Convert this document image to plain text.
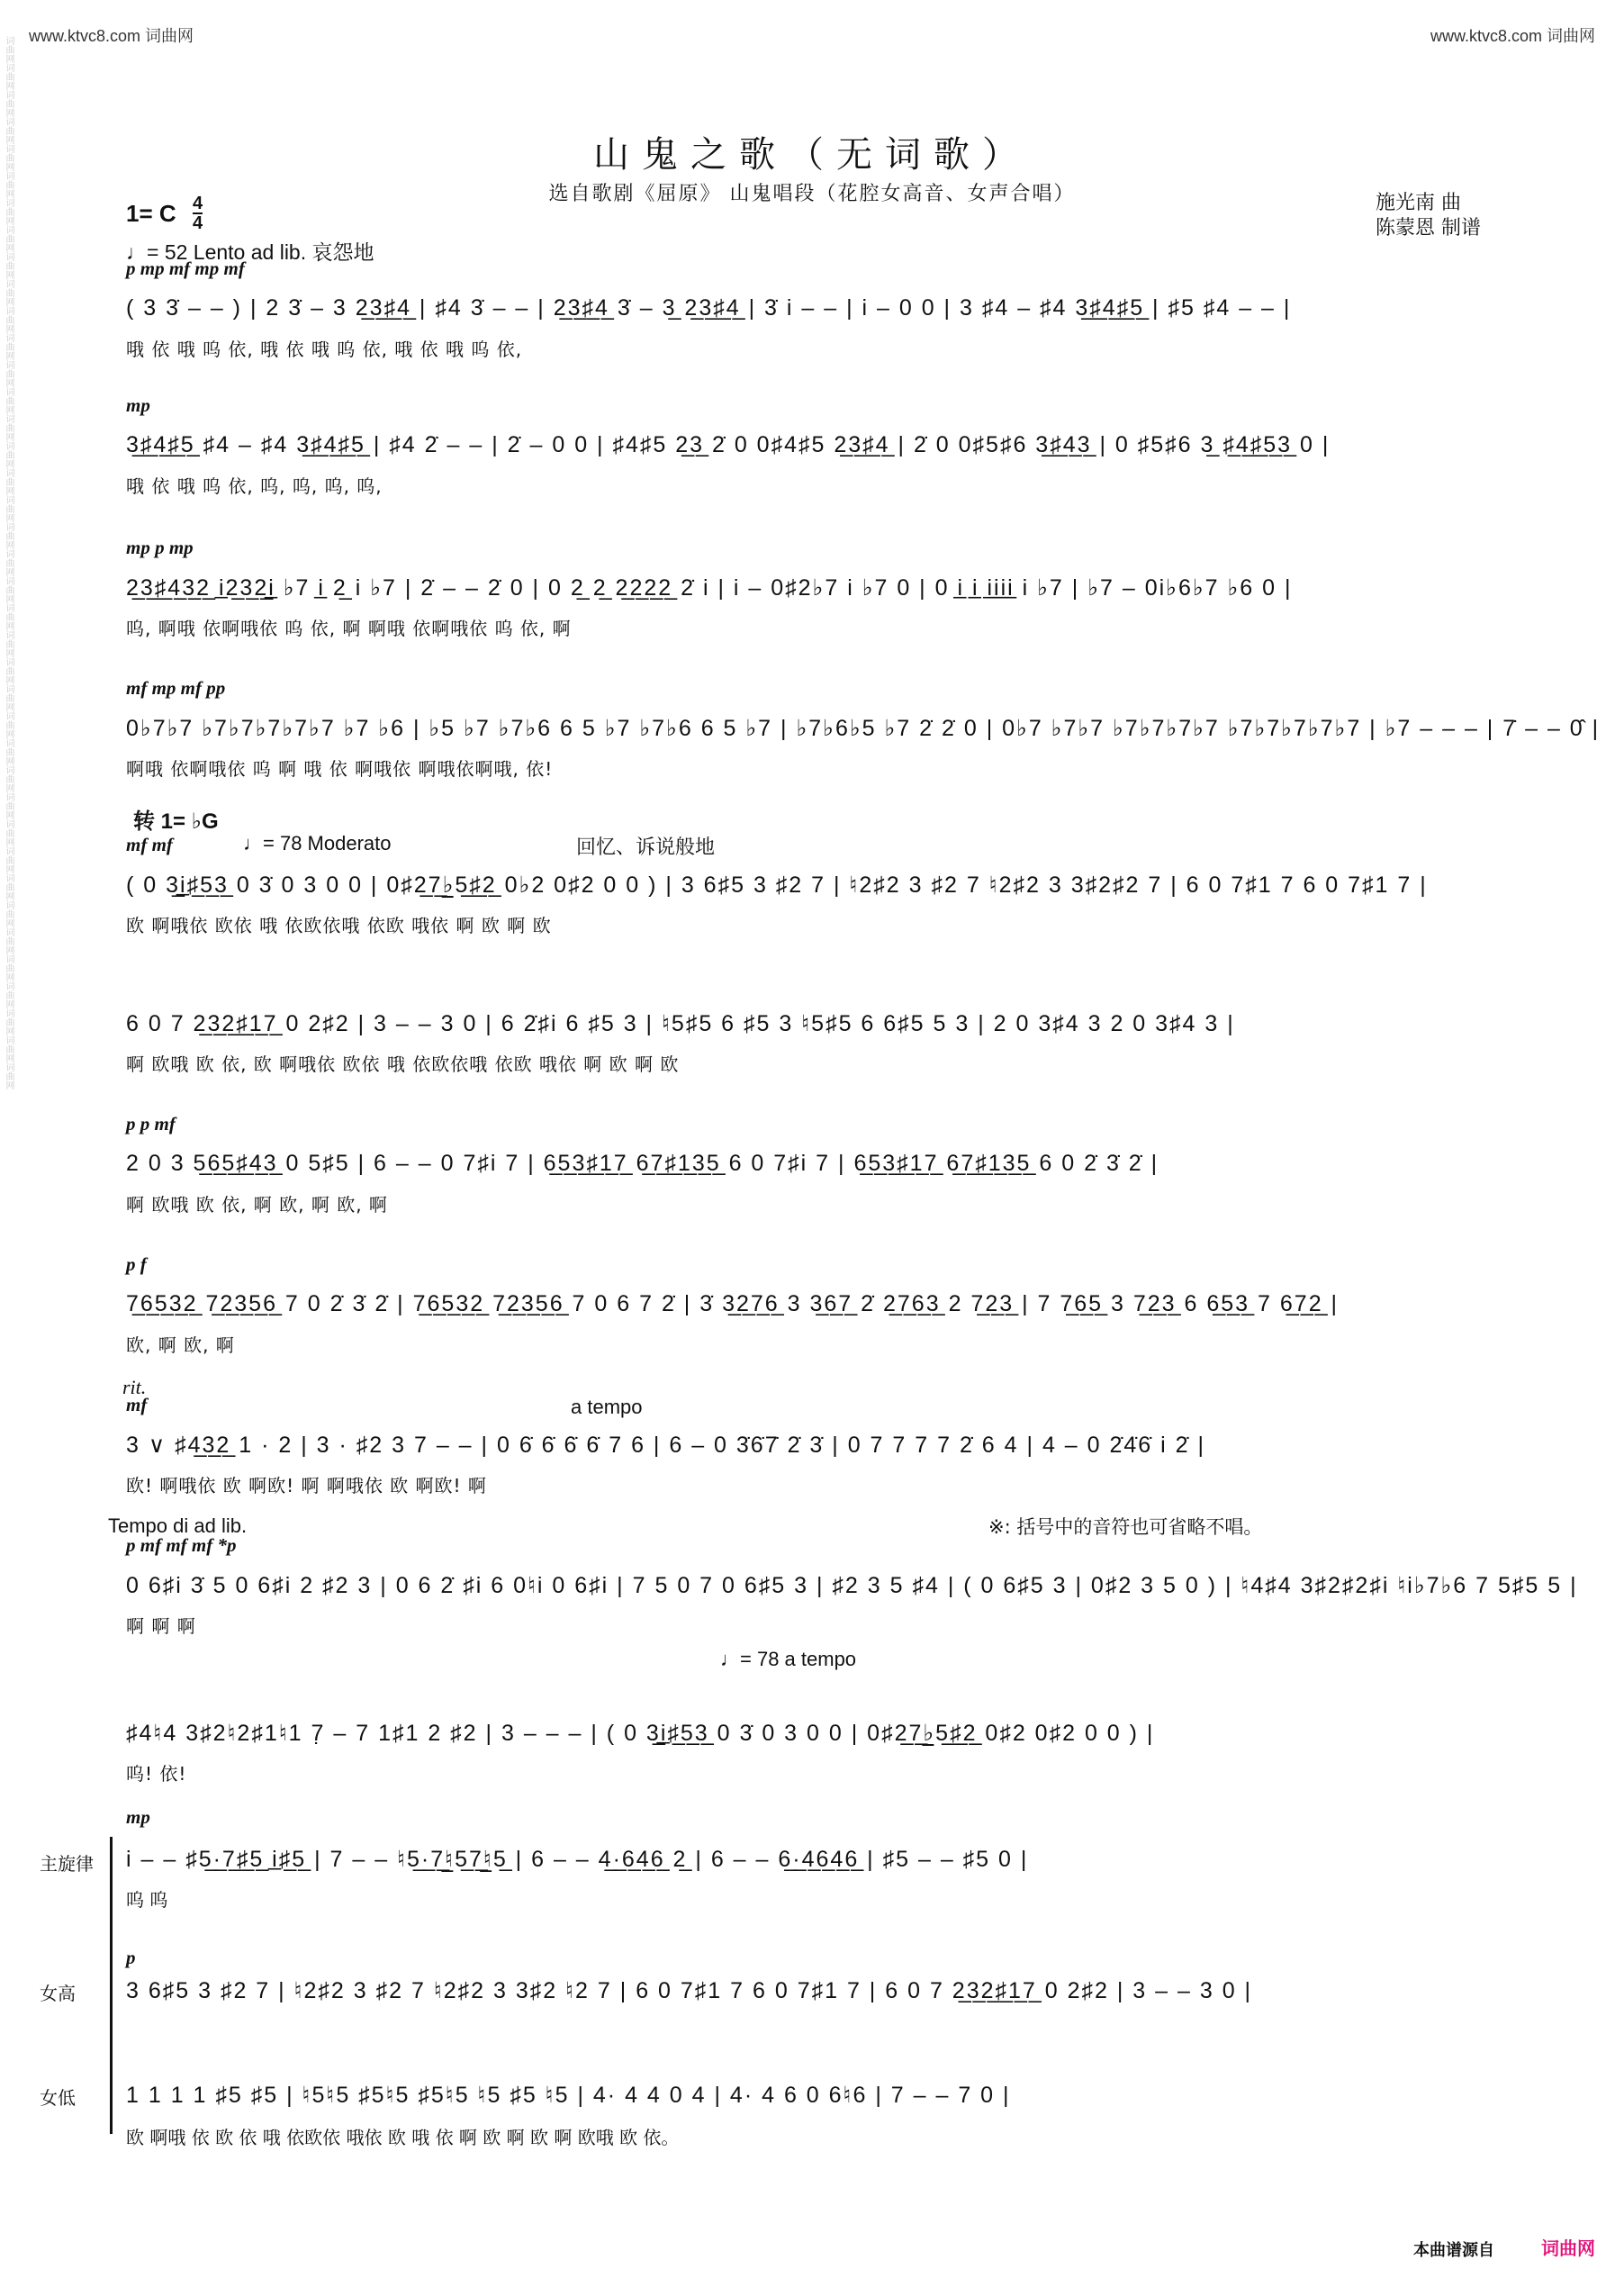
www.ktvc8.com 词曲网	www.ktvc8.com 词曲网
词曲网词曲网词曲网词曲网词曲网词曲网词曲网词曲网词曲网词曲网词曲网词曲网词曲网词曲网词曲网词曲网词曲网词曲网词曲网词曲网词曲网词曲网词曲网词曲网词曲网词曲网词曲网词曲网词曲网词曲网词曲网词曲网词曲网词曲网词曲网词曲网词曲网词曲网词曲网	山鬼之歌（无词歌）
选自歌剧《屈原》 山鬼唱段（花腔女高音、女声合唱）	施光南 曲
陈蒙恩 制谱
1= C 4
4
♩= 52 Lento ad lib. 哀怨地
p mp mf mp mf
( 3 3̇ – – ) | 2 3̇ – 3 2̲3̲♯̲4̲ | ♯4 3̇ – – | 2̲3̲♯̲4̲ 3̇ – 3̲ 2̲3̲♯̲4̲ | 3̇ i – – | i – 0 0 | 3 ♯4 – ♯4 3̲♯̲4̲♯̲5̲ | ♯5 ♯4 – – |
哦 依 哦 呜 依, 哦 依 哦 呜 依, 哦 依 哦 呜 依,
mp
3̲♯̲4̲♯̲5̲ ♯4 – ♯4 3̲♯̲4̲♯̲5̲ | ♯4 2̇ – – | 2̇ – 0 0 | ♯4♯5 2̲3̲ 2̇ 0 0♯4♯5 2̲3̲♯̲4̲ | 2̇ 0 0♯5♯6 3̲♯̲4̲3̲ | 0 ♯5♯6 3̲ ♯̲4̲♯̲5̲3̲ 0 |
哦 依 哦 呜 依, 呜, 呜, 呜, 呜,
mp p mp
2̲3̲♯̲4̲3̲2̲ i̲2̲3̲2̲i̲ ♭7 i̲ 2̲ i ♭7 | 2̇ – – 2̇ 0 | 0 2̲ 2̲ 2̲2̲2̲2̲ 2̇ i | i – 0♯2♭7 i ♭7 0 | 0 i̲ i̲ i̲i̲i̲i̲ i ♭7 | ♭7 – 0i♭6♭7 ♭6 0 |
呜, 啊哦 依啊哦依 呜 依, 啊 啊哦 依啊哦依 呜 依, 啊
mf mp mf pp
0♭7♭7 ♭7♭7♭7♭7♭7 ♭7 ♭6 | ♭5 ♭7 ♭7♭6 6 5 ♭7 ♭7♭6 6 5 ♭7 | ♭7♭6♭5 ♭7 2̇ 2̇ 0 | 0♭7 ♭7♭7 ♭7♭7♭7♭7 ♭7♭7♭7♭7♭7 | ♭7 – – – | 7̇ – – 0̂ |
啊哦 依啊哦依 呜 啊 哦 依 啊哦依 啊哦依啊哦, 依!
转 1= ♭G
♩= 78 Moderato	回忆、诉说般地
mf mf
( 0 3̲i̲♯̲5̲3̲ 0 3̇ 0 3 0 0 | 0♯2̲7̲♭̲5̲♯̲2̲ 0♭2 0♯2 0 0 ) | 3 6♯5 3 ♯2 7 | ♮2♯2 3 ♯2 7 ♮2♯2 3 3♯2♯2 7 | 6 0 7♯1 7 6 0 7♯1 7 |
欧 啊哦依 欧依 哦 依欧依哦 依欧 哦依 啊 欧 啊 欧
6 0 7 2̲3̲2̲♯̲1̲7̲ 0 2♯2 | 3 – – 3 0 | 6 2̇♯i 6 ♯5 3 | ♮5♯5 6 ♯5 3 ♮5♯5 6 6♯5 5 3 | 2 0 3♯4 3 2 0 3♯4 3 |
啊 欧哦 欧 依, 欧 啊哦依 欧依 哦 依欧依哦 依欧 哦依 啊 欧 啊 欧
p p mf
2 0 3 5̲6̲5̲♯̲4̲3̲ 0 5♯5 | 6 – – 0 7♯i 7 | 6̲5̲3̲♯̲1̲7̲ 6̲7̲♯̲1̲3̲5̲ 6 0 7♯i 7 | 6̲5̲3̲♯̲1̲7̲ 6̲7̲♯̲1̲3̲5̲ 6 0 2̇ 3̇ 2̇ |
啊 欧哦 欧 依, 啊 欧, 啊 欧, 啊
p f
7̲6̲5̲3̲2̲ 7̲2̲3̲5̲6̲ 7 0 2̇ 3̇ 2̇ | 7̲6̲5̲3̲2̲ 7̲2̲3̲5̲6̲ 7 0 6 7 2̇ | 3̇ 3̲2̲7̲6̲ 3 3̲6̲7̲ 2̇ 2̲7̲6̲3̲ 2 7̲2̲3̲ | 7 7̲6̲5̲ 3 7̲2̲3̲ 6 6̲5̲3̲ 7 6̲7̲2̲ |
欧, 啊 欧, 啊
rit.
a tempo
mf
3 ∨ ♯4̲3̲2̲ 1 · 2 | 3 · ♯2 3 7 – – | 0 6̇ 6̇ 6̇ 6̇ 7 6 | 6 – 0 3̇6̇7̇ 2̇ 3̇ | 0 7 7 7 7 2̇ 6 4 | 4 – 0 2̇4̇6̇ i 2̇ |
欧! 啊哦依 欧 啊欧! 啊 啊哦依 欧 啊欧! 啊
Tempo di ad lib.	※: 括号中的音符也可省略不唱。
p mf mf mf *p
0 6♯i 3̇ 5 0 6♯i 2 ♯2 3 | 0 6 2̇ ♯i 6 0♮i 0 6♯i | 7 5 0 7 0 6♯5 3 | ♯2 3 5 ♯4 | ( 0 6♯5 3 | 0♯2 3 5 0 ) | ♮4♯4 3♯2♯2♯i ♮i♭7♭6 7 5♯5 5 |
啊 啊 啊
♩= 78 a tempo
♯4♮4 3♯2♮2♯1♮1 7̣ – 7 1♯1 2 ♯2 | 3 – – – | ( 0 3̲i̲♯̲5̲3̲ 0 3̇ 0 3 0 0 | 0♯2̲7̲♭̲5̲♯̲2̲ 0♯2 0♯2 0 0 ) |
呜! 依!
主旋律
mp
i – – ♯5̲·̲7̲♯̲5̲ i̲♯̲5̲ | 7 – – ♮5̲·̲7̲♮̲5̲7̲♮̲5̲ | 6 – – 4̲·̲6̲4̲6̲ 2̲ | 6 – – 6̲·̲4̲6̲4̲6̲ | ♯5 – – ♯5 0 |
呜 呜
女高
p
3 6♯5 3 ♯2 7 | ♮2♯2 3 ♯2 7 ♮2♯2 3 3♯2 ♮2 7 | 6 0 7♯1 7 6 0 7♯1 7 | 6 0 7 2̲3̲2̲♯̲1̲7̲ 0 2♯2 | 3 – – 3 0 |
女低 1 1 1 1 ♯5 ♯5 | ♮5♮5 ♯5♮5 ♯5♮5 ♮5 ♯5 ♮5 | 4· 4 4 0 4 | 4· 4 6 0 6♮6 | 7 – – 7 0 |
欧 啊哦 依 欧 依 哦 依欧依 哦依 欧 哦 依 啊 欧 啊 欧 啊 欧哦 欧 依。
本曲谱源自	词曲网
